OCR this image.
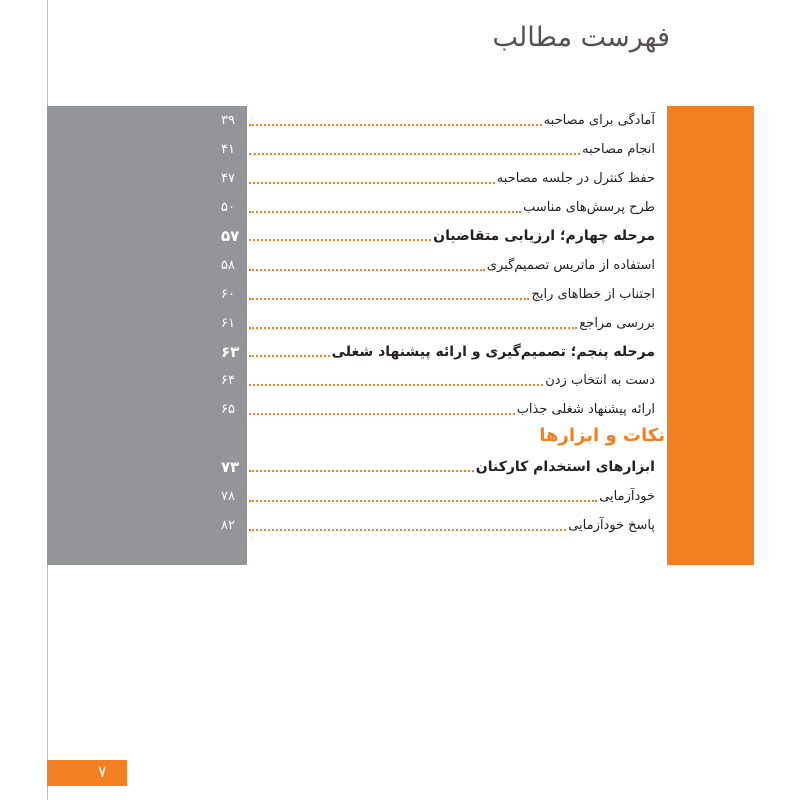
فهرست مطالب
آمادگی برای مصاحبه
۳۹
انجام مصاحبه
۴۱
حفظ کنترل در جلسه مصاحبه
۴۷
طرح پرسش‌های مناسب
۵۰
مرحله چهارم؛ ارزیابی متقاضیان
۵۷
استفاده از ماتریس تصمیم‌گیری
۵۸
اجتناب از خطاهای رایج
۶۰
بررسی مراجع
۶۱
مرحله پنجم؛ تصمیم‌گیری و ارائه پیشنهاد شغلی
۶۳
دست به انتخاب زدن
۶۴
ارائه پیشنهاد شغلی جذاب
۶۵
نکات و ابزارها
ابزارهای استخدام کارکنان
۷۳
خودآزمایی
۷۸
پاسخ خودآزمایی
۸۲
۷
